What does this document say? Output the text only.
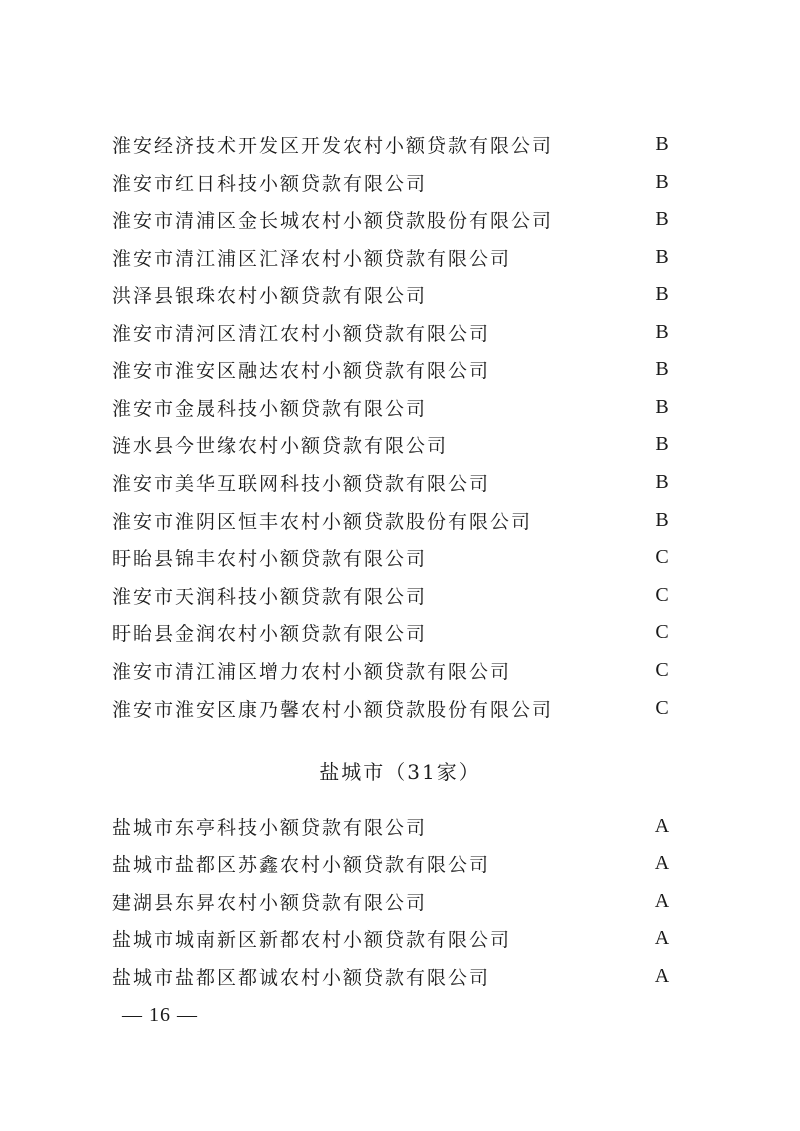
淮安经济技术开发区开发农村小额贷款有限公司	B
淮安市红日科技小额贷款有限公司	B
淮安市清浦区金长城农村小额贷款股份有限公司	B
淮安市清江浦区汇泽农村小额贷款有限公司	B
洪泽县银珠农村小额贷款有限公司	B
淮安市清河区清江农村小额贷款有限公司	B
淮安市淮安区融达农村小额贷款有限公司	B
淮安市金晟科技小额贷款有限公司	B
涟水县今世缘农村小额贷款有限公司	B
淮安市美华互联网科技小额贷款有限公司	B
淮安市淮阴区恒丰农村小额贷款股份有限公司	B
盱眙县锦丰农村小额贷款有限公司	C
淮安市天润科技小额贷款有限公司	C
盱眙县金润农村小额贷款有限公司	C
淮安市清江浦区增力农村小额贷款有限公司	C
淮安市淮安区康乃馨农村小额贷款股份有限公司	C
盐城市（31家）
盐城市东亭科技小额贷款有限公司	A
盐城市盐都区苏鑫农村小额贷款有限公司	A
建湖县东昇农村小额贷款有限公司	A
盐城市城南新区新都农村小额贷款有限公司	A
盐城市盐都区都诚农村小额贷款有限公司	A
— 16 —
